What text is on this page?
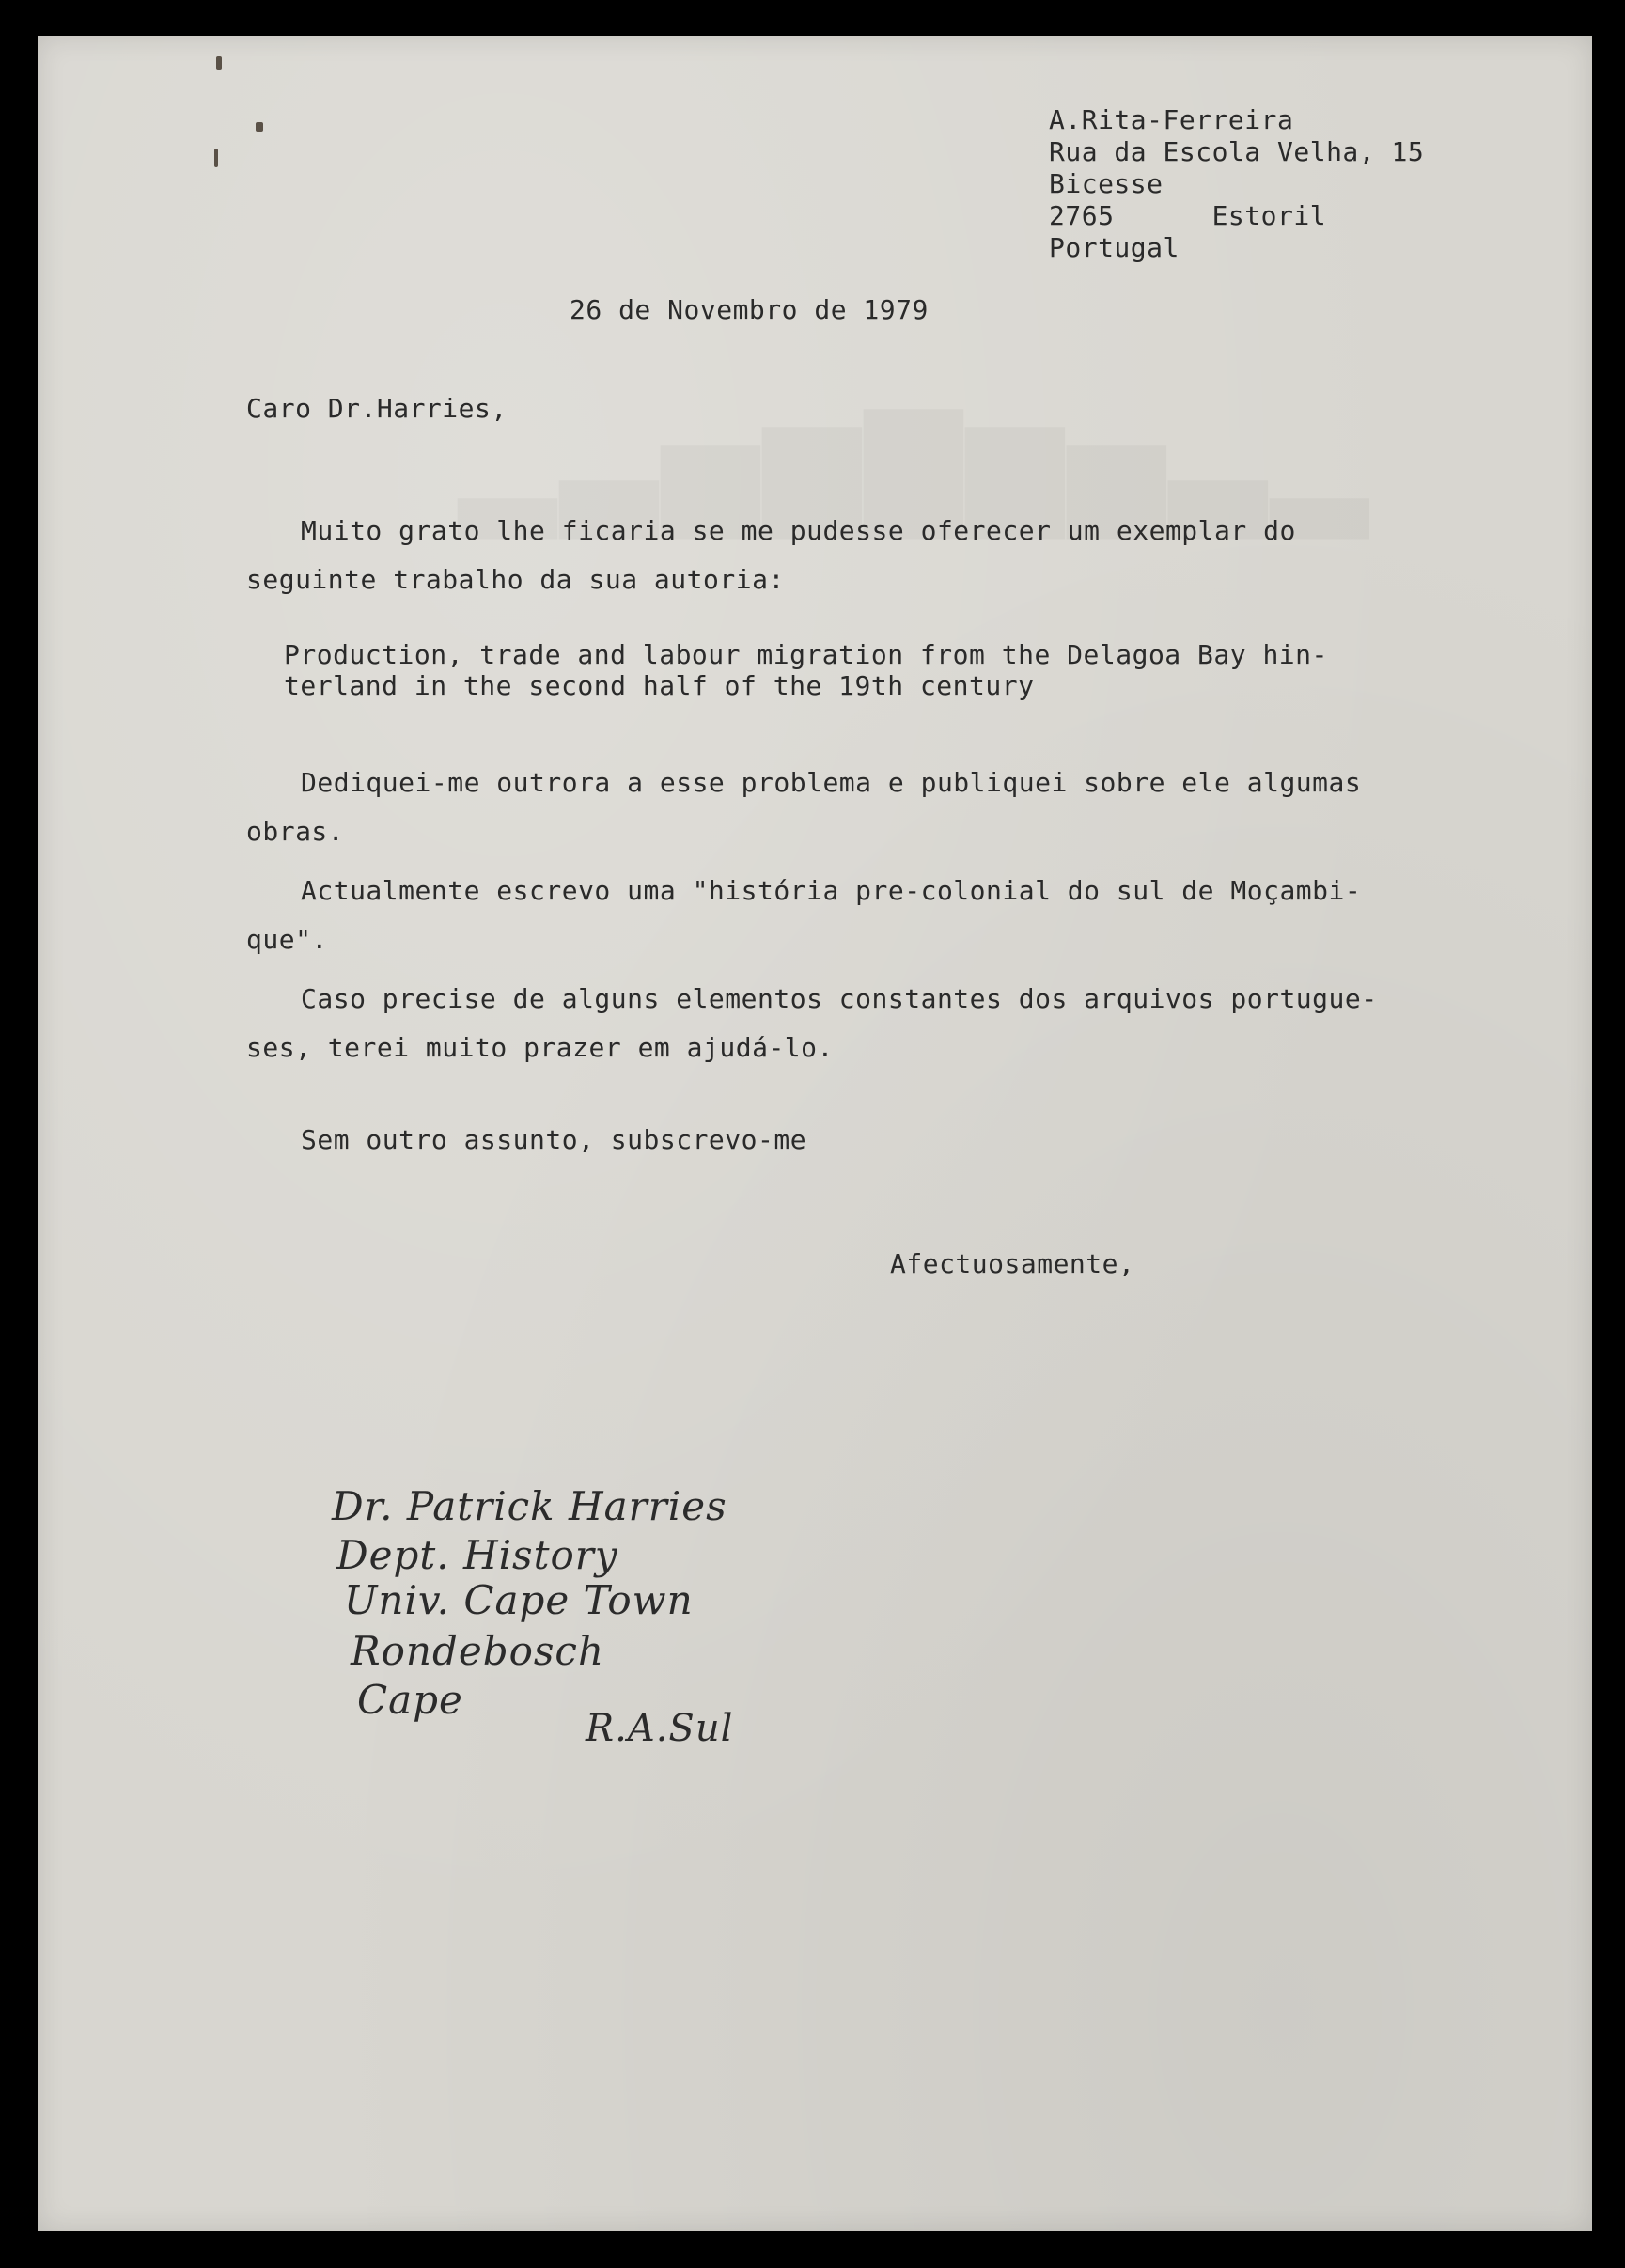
A.Rita-Ferreira
Rua da Escola Velha, 15
Bicesse
2765      Estoril
Portugal
26 de Novembro de 1979
Caro Dr.Harries,
Muito grato lhe ficaria se me pudesse oferecer um exemplar do
seguinte trabalho da sua autoria:
Production, trade and labour migration from the Delagoa Bay hin-
terland in the second half of the 19th century
Dediquei-me outrora a esse problema e publiquei sobre ele algumas
obras.
Actualmente escrevo uma "história pre-colonial do sul de Moçambi-
que".
Caso precise de alguns elementos constantes dos arquivos portugue-
ses, terei muito prazer em ajudá-lo.
Sem outro assunto, subscrevo-me
Afectuosamente,
Dr. Patrick Harries
Dept. History
Univ. Cape Town
Rondebosch
Cape
R.A.Sul
